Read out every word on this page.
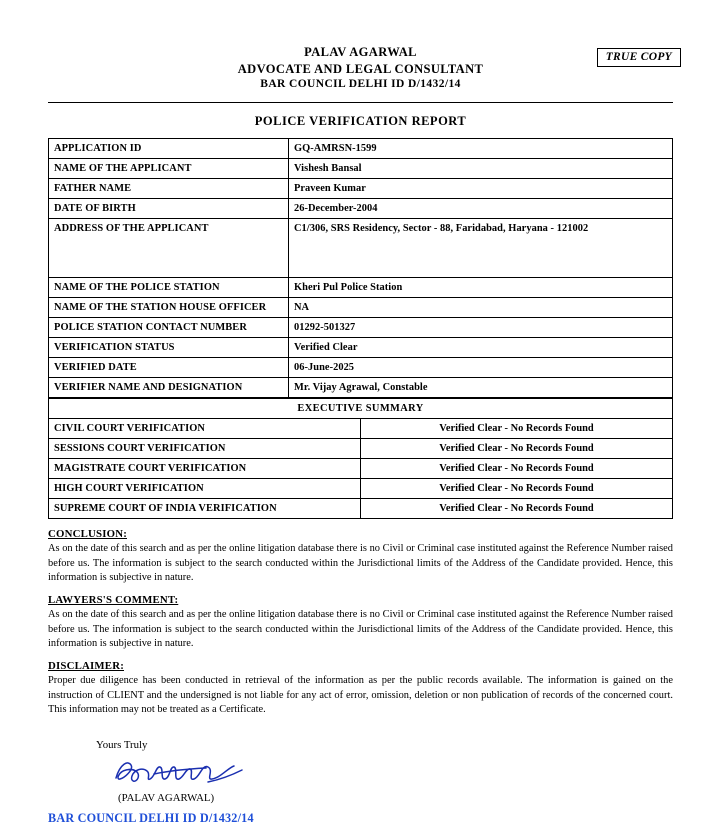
PALAV AGARWAL
ADVOCATE AND LEGAL CONSULTANT
BAR COUNCIL DELHI ID D/1432/14
TRUE COPY
POLICE VERIFICATION REPORT
APPLICATION ID	GQ-AMRSN-1599
NAME OF THE APPLICANT	Vishesh Bansal
FATHER NAME	Praveen Kumar
DATE OF BIRTH	26-December-2004
ADDRESS OF THE APPLICANT	C1/306, SRS Residency, Sector - 88, Faridabad, Haryana - 121002
NAME OF THE POLICE STATION	Kheri Pul Police Station
NAME OF THE STATION HOUSE OFFICER	NA
POLICE STATION CONTACT NUMBER	01292-501327
VERIFICATION STATUS	Verified Clear
VERIFIED DATE	06-June-2025
VERIFIER NAME AND DESIGNATION	Mr. Vijay Agrawal, Constable
EXECUTIVE SUMMARY	
CIVIL COURT VERIFICATION	Verified Clear - No Records Found
SESSIONS COURT VERIFICATION	Verified Clear - No Records Found
MAGISTRATE COURT VERIFICATION	Verified Clear - No Records Found
HIGH COURT VERIFICATION	Verified Clear - No Records Found
SUPREME COURT OF INDIA VERIFICATION	Verified Clear - No Records Found
CONCLUSION:
As on the date of this search and as per the online litigation database there is no Civil or Criminal case instituted against the Reference Number raised before us. The information is subject to the search conducted within the Jurisdictional limits of the Address of the Candidate provided. Hence, this information is subjective in nature.
LAWYERS'S COMMENT:
As on the date of this search and as per the online litigation database there is no Civil or Criminal case instituted against the Reference Number raised before us. The information is subject to the search conducted within the Jurisdictional limits of the Address of the Candidate provided. Hence, this information is subjective in nature.
DISCLAIMER:
Proper due diligence has been conducted in retrieval of the information as per the public records available. The information is gained on the instruction of CLIENT and the undersigned is not liable for any act of error, omission, deletion or non publication of records of the concerned court. This information may not be treated as a Certificate.
Yours Truly
(PALAV AGARWAL)
BAR COUNCIL DELHI ID D/1432/14
